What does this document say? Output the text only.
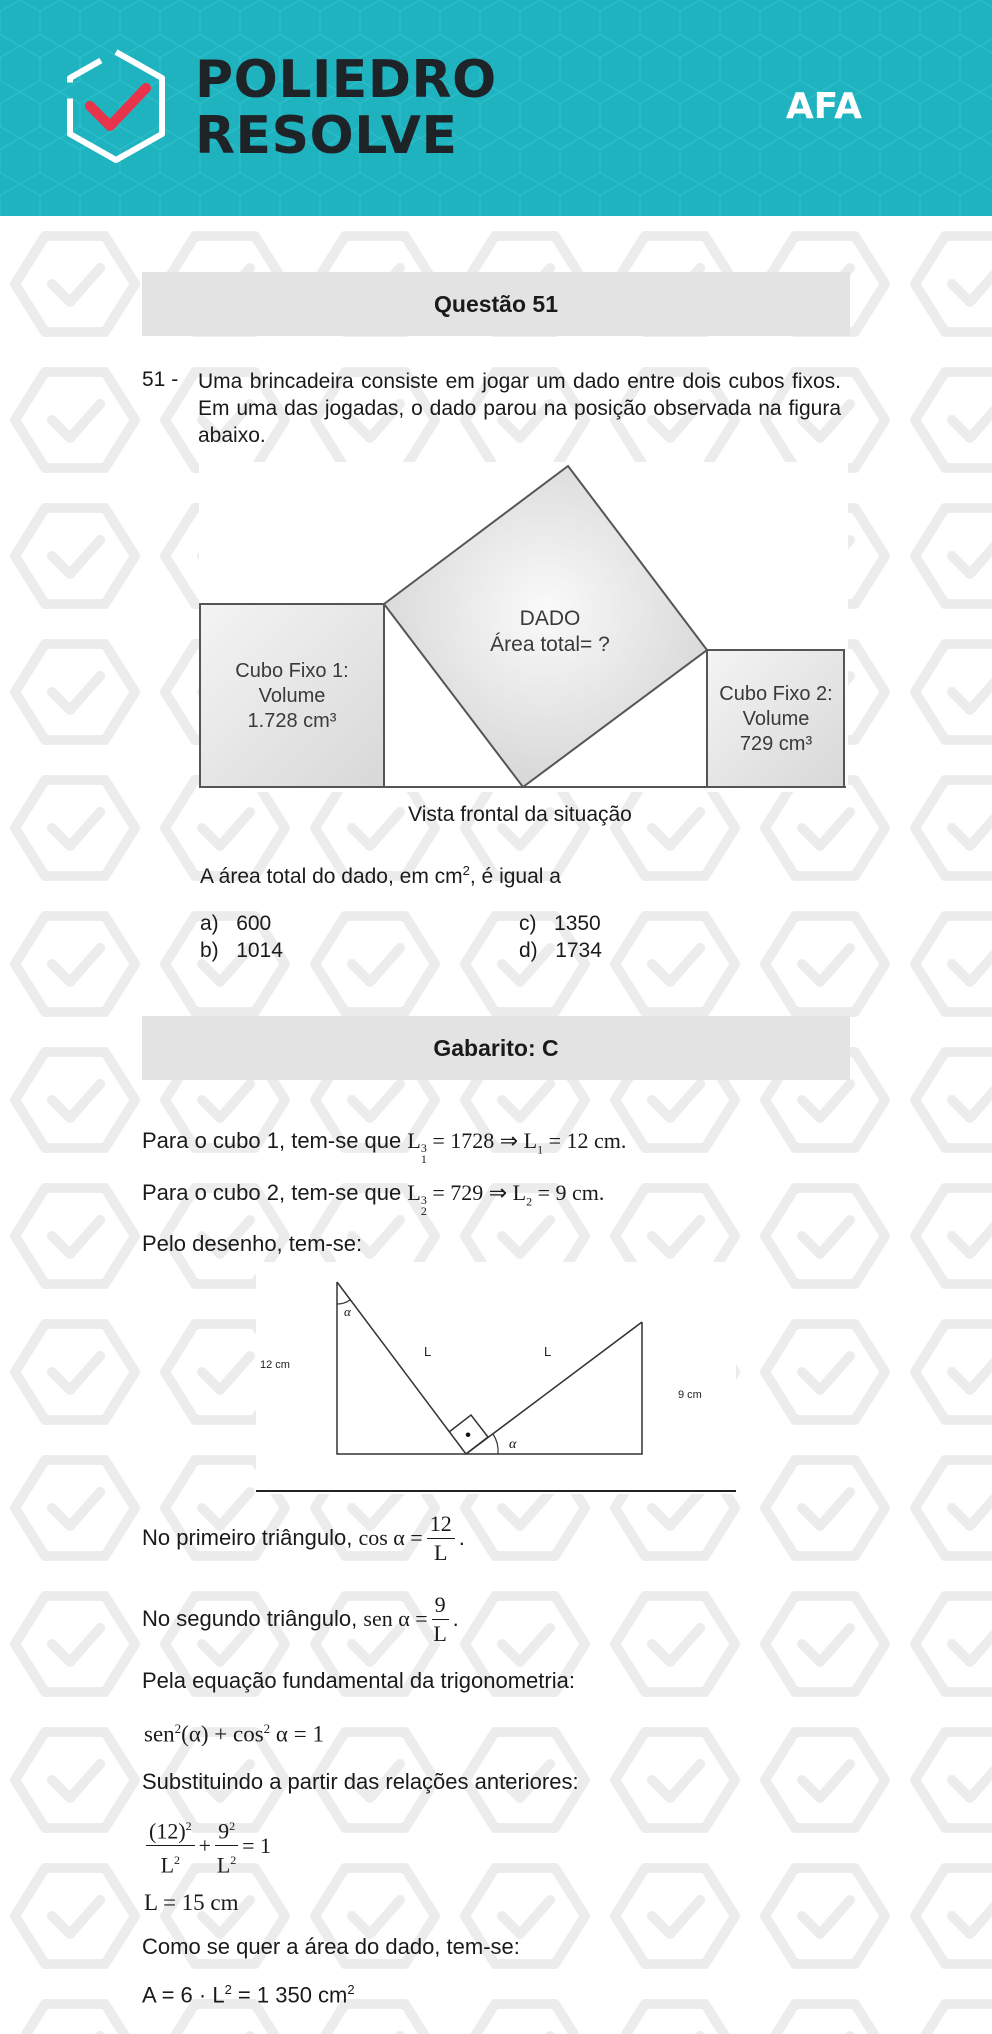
POLIEDRO
RESOLVE	AFA
Questão 51
51 - Uma brincadeira consiste em jogar um dado entre dois cubos fixos. Em uma das jogadas, o dado parou na posição observada na figura abaixo.
DADO
Área total= ?
Cubo Fixo 1:
Volume
1.728 cm³
Cubo Fixo 2:
Volume
729 cm³
Vista frontal da situação
A área total do dado, em $cm^2$, é igual a
a) 600
b) 1014
c) 1350
d) 1734
Gabarito: C
Para o cubo 1, tem-se que L 3
1
= 1728 ⇒ $L_1 = 12$ cm.
Para o cubo 2, tem-se que L 3
2
= 729 ⇒ $L_2 = 9$ cm.
Pelo desenho, tem-se:
•
α
α
L	L
12 cm
9 cm
No primeiro triângulo,
$\cos \alpha = \frac{12}{L}$ .
No segundo triângulo,
sen $\alpha = \frac{9}{L}$ .
Pela equação fundamental da trigonometria:
$sen^2(\alpha) + \cos^2 \alpha = 1$
Substituindo a partir das relações anteriores:
$\frac{(12)^2}{L^2} + \frac{9^2}{L^2} = 1$
L = 15 cm
Como se quer a área do dado, tem-se:
$A = 6 \cdot L^2 = 1$ 350 $cm^2$
